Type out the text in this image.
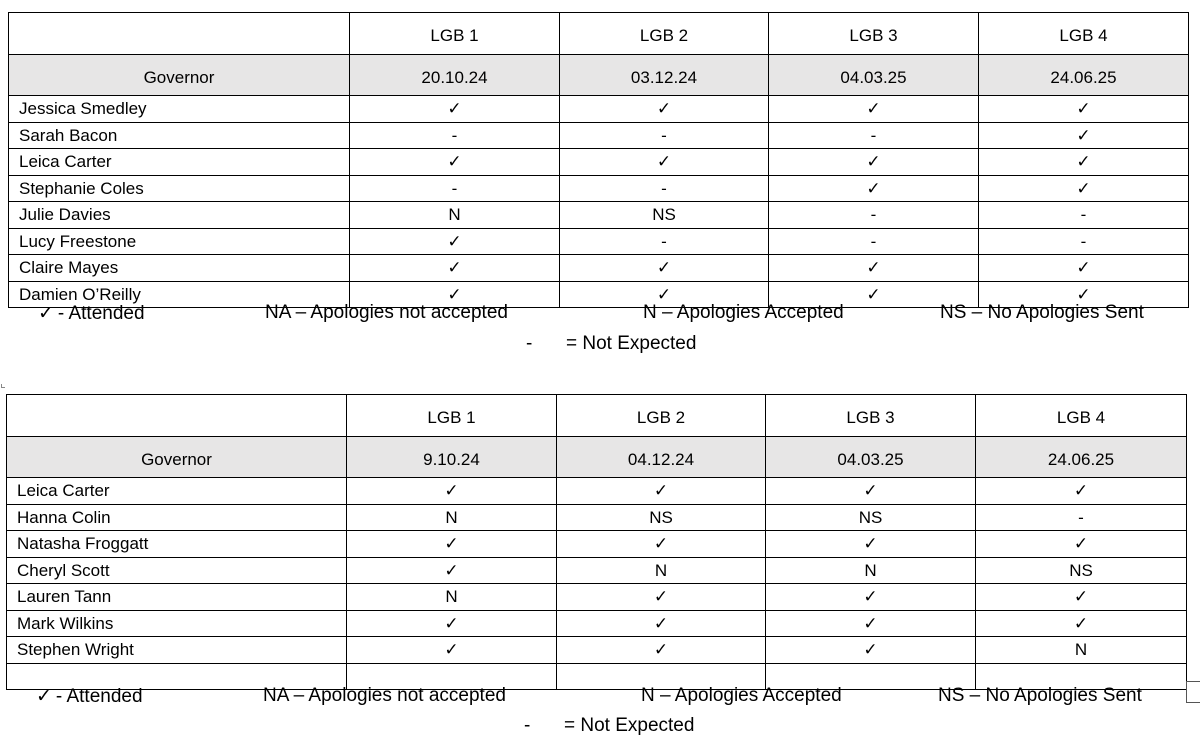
	LGB 1	LGB 2	LGB 3	LGB 4
Governor	20.10.24	03.12.24	04.03.25	24.06.25
Jessica Smedley	✓	✓	✓	✓
Sarah Bacon	-	-	-	✓
Leica Carter	✓	✓	✓	✓
Stephanie Coles	-	-	✓	✓
Julie Davies	N	NS	-	-
Lucy Freestone	✓	-	-	-
Claire Mayes	✓	✓	✓	✓
Damien O’Reilly	✓	✓	✓	✓
✓ - Attended	NA – Apologies not accepted	N – Apologies Accepted	NS – No Apologies Sent
- = Not Expected
	LGB 1	LGB 2	LGB 3	LGB 4
Governor	9.10.24	04.12.24	04.03.25	24.06.25
Leica Carter	✓	✓	✓	✓
Hanna Colin	N	NS	NS	-
Natasha Froggatt	✓	✓	✓	✓
Cheryl Scott	✓	N	N	NS
Lauren Tann	N	✓	✓	✓
Mark Wilkins	✓	✓	✓	✓
Stephen Wright	✓	✓	✓	N

✓ - Attended	NA – Apologies not accepted	N – Apologies Accepted	NS – No Apologies Sent
- = Not Expected
